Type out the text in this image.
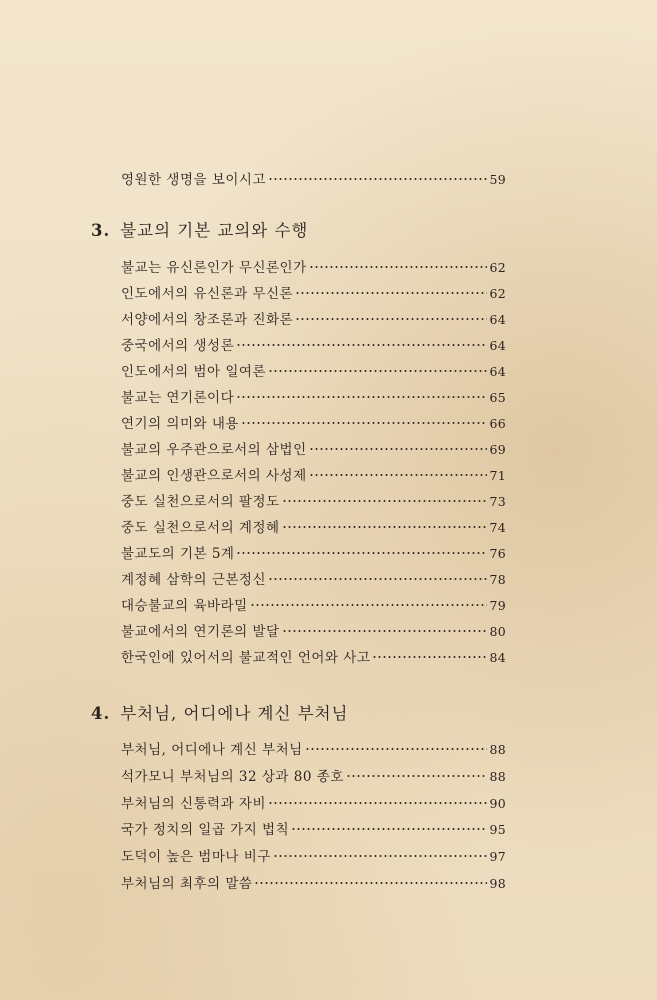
영원한 생명을 보이시고	59
3. 불교의 기본 교의와 수행
불교는 유신론인가 무신론인가	62
인도에서의 유신론과 무신론	62
서양에서의 창조론과 진화론	64
중국에서의 생성론	64
인도에서의 범아 일여론	64
불교는 연기론이다	65
연기의 의미와 내용	66
불교의 우주관으로서의 삼법인	69
불교의 인생관으로서의 사성제	71
중도 실천으로서의 팔정도	73
중도 실천으로서의 계정혜	74
불교도의 기본 5계	76
계정혜 삼학의 근본정신	78
대승불교의 육바라밀	79
불교에서의 연기론의 발달	80
한국인에 있어서의 불교적인 언어와 사고	84
4. 부처님, 어디에나 계신 부처님
부처님, 어디에나 계신 부처님	88
석가모니 부처님의 32 상과 80 종호	88
부처님의 신통력과 자비	90
국가 정치의 일곱 가지 법칙	95
도덕이 높은 범마나 비구	97
부처님의 최후의 말씀	98
